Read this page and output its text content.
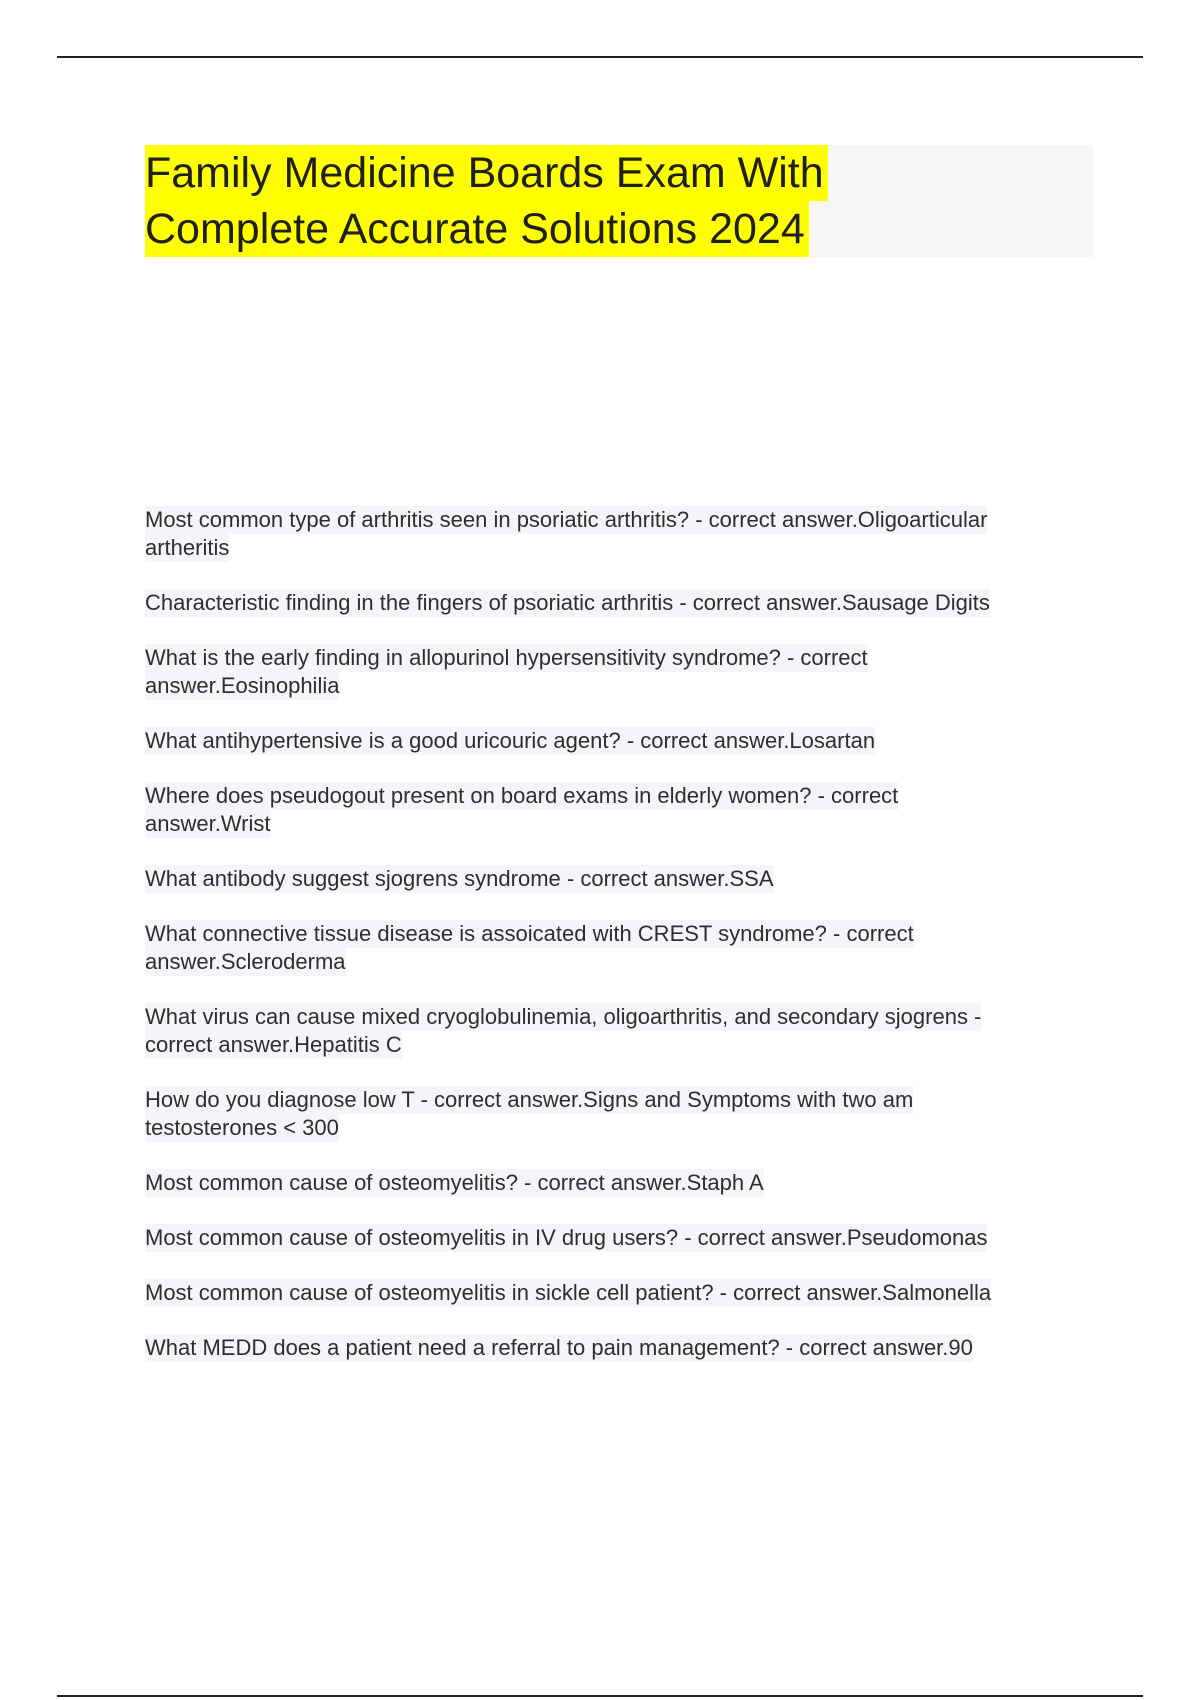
Family Medicine Boards Exam With
Complete Accurate Solutions 2024
Most common type of arthritis seen in psoriatic arthritis? - correct answer.Oligoarticular
artheritis
Characteristic finding in the fingers of psoriatic arthritis - correct answer.Sausage Digits
What is the early finding in allopurinol hypersensitivity syndrome? - correct
answer.Eosinophilia
What antihypertensive is a good uricouric agent? - correct answer.Losartan
Where does pseudogout present on board exams in elderly women? - correct
answer.Wrist
What antibody suggest sjogrens syndrome - correct answer.SSA
What connective tissue disease is assoicated with CREST syndrome? - correct
answer.Scleroderma
What virus can cause mixed cryoglobulinemia, oligoarthritis, and secondary sjogrens -
correct answer.Hepatitis C
How do you diagnose low T - correct answer.Signs and Symptoms with two am
testosterones < 300
Most common cause of osteomyelitis? - correct answer.Staph A
Most common cause of osteomyelitis in IV drug users? - correct answer.Pseudomonas
Most common cause of osteomyelitis in sickle cell patient? - correct answer.Salmonella
What MEDD does a patient need a referral to pain management? - correct answer.90
